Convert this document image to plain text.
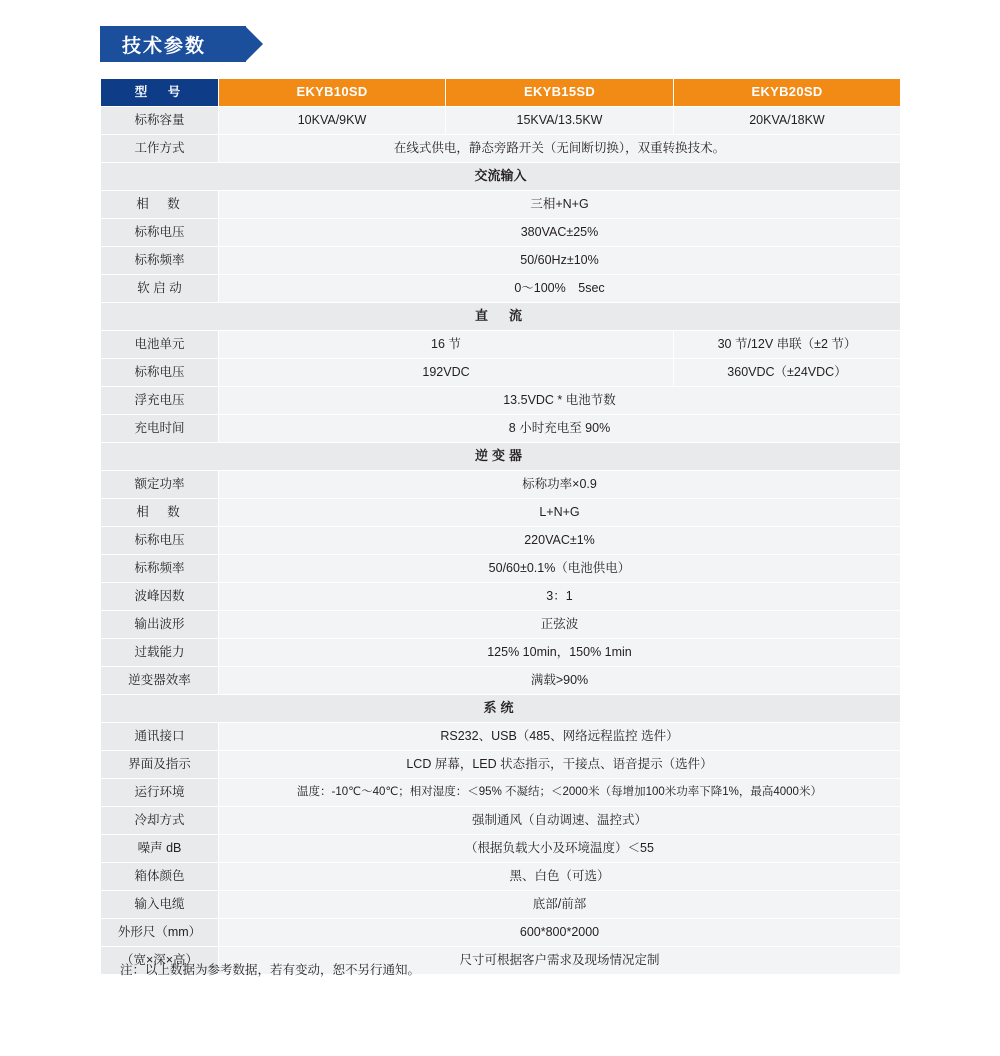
技术参数
型　号	EKYB10SD	EKYB15SD	EKYB20SD
标称容量	10KVA/9KW	15KVA/13.5KW	20KVA/18KW
工作方式	在线式供电，静态旁路开关（无间断切换），双重转换技术。		
交流输入			
相　数	三相+N+G		
标称电压	380VAC±25%		
标称频率	50/60Hz±10%		
软 启 动	0～100%　5sec		
直　流			
电池单元	16 节		30 节/12V 串联（±2 节）
标称电压	192VDC		360VDC（±24VDC）
浮充电压	13.5VDC * 电池节数		
充电时间	8 小时充电至 90%		
逆变器			
额定功率	标称功率×0.9		
相　数	L+N+G		
标称电压	220VAC±1%		
标称频率	50/60±0.1%（电池供电）		
波峰因数	3：1		
输出波形	正弦波		
过载能力	125% 10min，150% 1min		
逆变器效率	满载>90%		
系统			
通讯接口	RS232、USB（485、网络远程监控 选件）		
界面及指示	LCD 屏幕，LED 状态指示，干接点、语音提示（选件）		
运行环境	温度：-10℃～40℃；相对湿度：＜95% 不凝结；＜2000米（每增加100米功率下降1%，最高4000米）		
冷却方式	强制通风（自动调速、温控式）		
噪声 dB	（根据负载大小及环境温度）＜55		
箱体颜色	黑、白色（可选）		
输入电缆	底部/前部		
外形尺（mm）	600*800*2000		
（宽×深×高）	尺寸可根据客户需求及现场情况定制		
注：以上数据为参考数据，若有变动，恕不另行通知。
